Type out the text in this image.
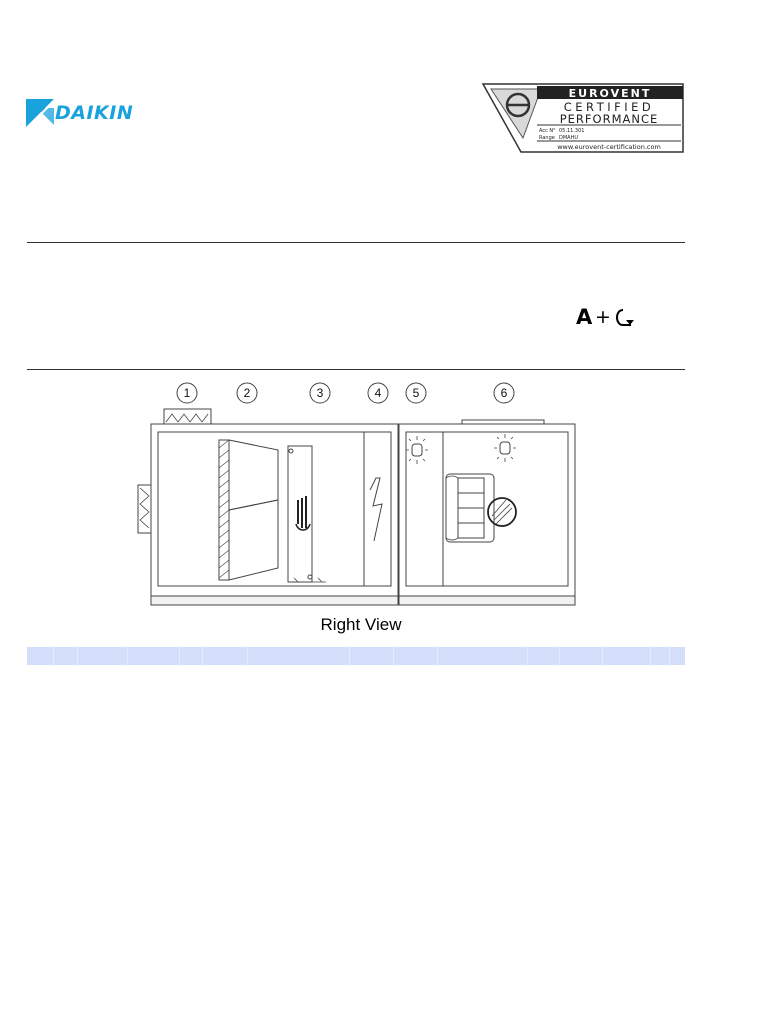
DAIKIN
EUROVENT
CERTIFIED
PERFORMANCE
Acc N° 05.11.301
Range DMAHU
www.eurovent-certification.com
A +
1	2	3	4	5	6
Right View
